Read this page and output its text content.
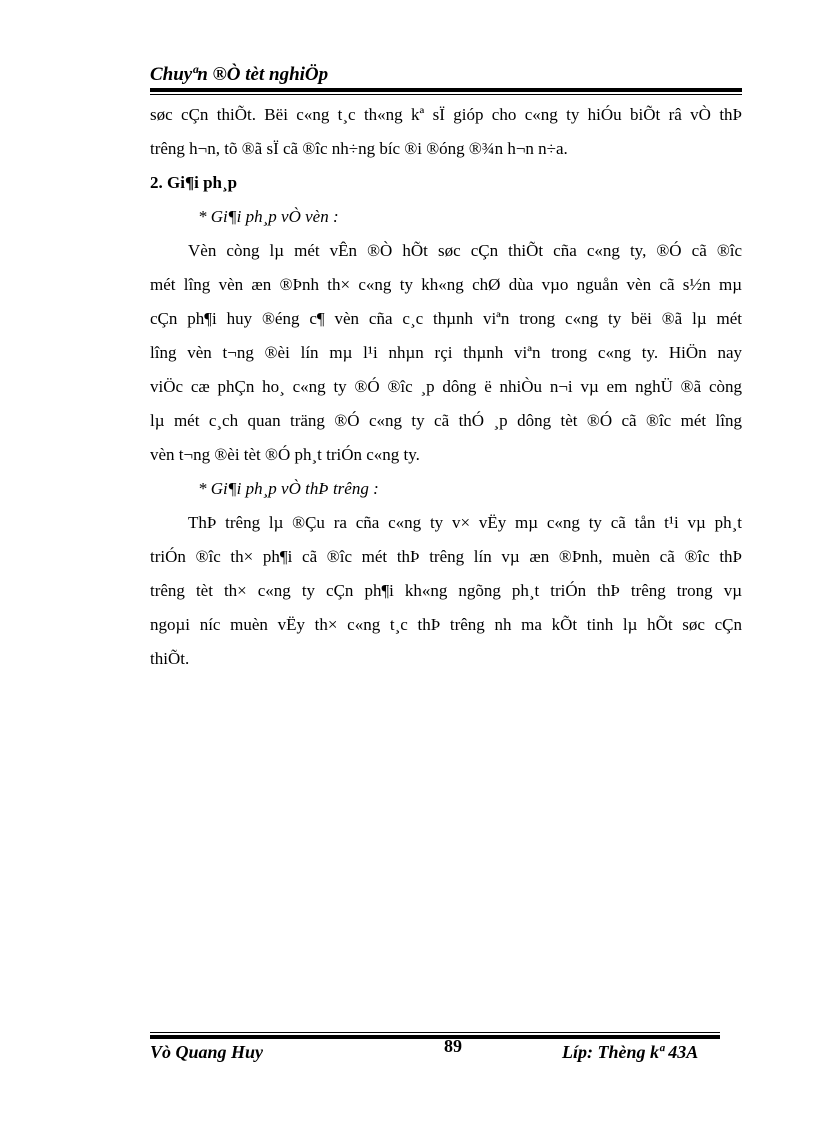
Chuyªn ®Ò tèt nghiÖp
søc cÇn thiÕt. Bëi c«ng t¸c th«ng kª sÏ gióp cho c«ng ty hiÓu biÕt râ vÒ thÞ
trêng h¬n, tõ ®ã sÏ cã ®îc nh÷ng bíc ®i ®óng ®¾n h¬n n÷a.
2. Gi¶i ph¸p
* Gi¶i ph¸p vÒ vèn :
Vèn còng lµ mét vÊn ®Ò hÕt søc cÇn thiÕt cña c«ng ty, ®Ó cã ®îc
mét lîng vèn æn ®Þnh th× c«ng ty kh«ng chØ dùa vµo nguån vèn cã s½n mµ
cÇn ph¶i huy ®éng c¶ vèn cña c¸c thµnh viªn trong c«ng ty bëi ®ã lµ mét
lîng vèn t¬ng ®èi lín mµ l¹i nhµn rçi thµnh viªn trong c«ng ty. HiÖn nay
viÖc cæ phÇn ho¸ c«ng ty ®Ó ®îc ¸p dông ë nhiÒu n¬i vµ em nghÜ ®ã còng
lµ mét c¸ch quan träng ®Ó c«ng ty cã thÓ ¸p dông tèt ®Ó cã ®îc mét lîng
vèn t¬ng ®èi tèt ®Ó ph¸t triÓn c«ng ty.
* Gi¶i ph¸p vÒ thÞ trêng :
ThÞ trêng lµ ®Çu ra cña c«ng ty v× vËy mµ c«ng ty cã tån t¹i vµ ph¸t
triÓn ®îc th× ph¶i cã ®îc mét thÞ trêng lín vµ æn ®Þnh, muèn cã ®îc thÞ
trêng tèt th× c«ng ty cÇn ph¶i kh«ng ngõng ph¸t triÓn thÞ trêng trong vµ
ngoµi níc muèn vËy th× c«ng t¸c thÞ trêng nh ma kÕt tinh lµ hÕt søc cÇn
thiÕt.
Vò Quang Huy	89	Líp: Thèng kª 43A
